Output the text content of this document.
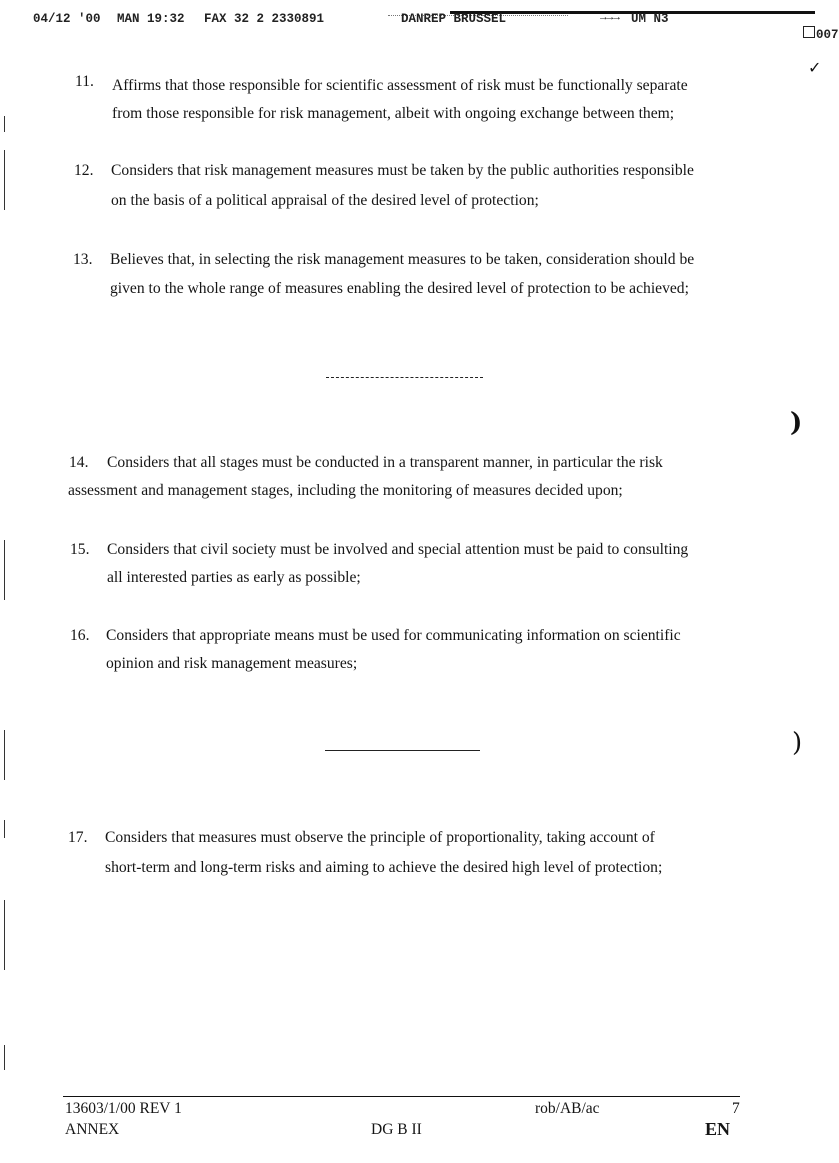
04/12 '00 MAN 19:32 FAX 32 2 2330891	DANREP BRUSSEL	→→→ UM N3

007

11. Affirms that those responsible for scientific assessment of risk must be functionally separate
from those responsible for risk management, albeit with ongoing exchange between them;
12. Considers that risk management measures must be taken by the public authorities responsible
on the basis of a political appraisal of the desired level of protection;
13. Believes that, in selecting the risk management measures to be taken, consideration should be
given to the whole range of measures enabling the desired level of protection to be achieved;
14. Considers that all stages must be conducted in a transparent manner, in particular the risk
assessment and management stages, including the monitoring of measures decided upon;
15. Considers that civil society must be involved and special attention must be paid to consulting
all interested parties as early as possible;
16. Considers that appropriate means must be used for communicating information on scientific
opinion and risk management measures;
17. Considers that measures must observe the principle of proportionality, taking account of
short-term and long-term risks and aiming to achieve the desired high level of protection;
✓
)
)
13603/1/00 REV 1
ANNEX	DG B II
rob/AB/ac	7
EN
